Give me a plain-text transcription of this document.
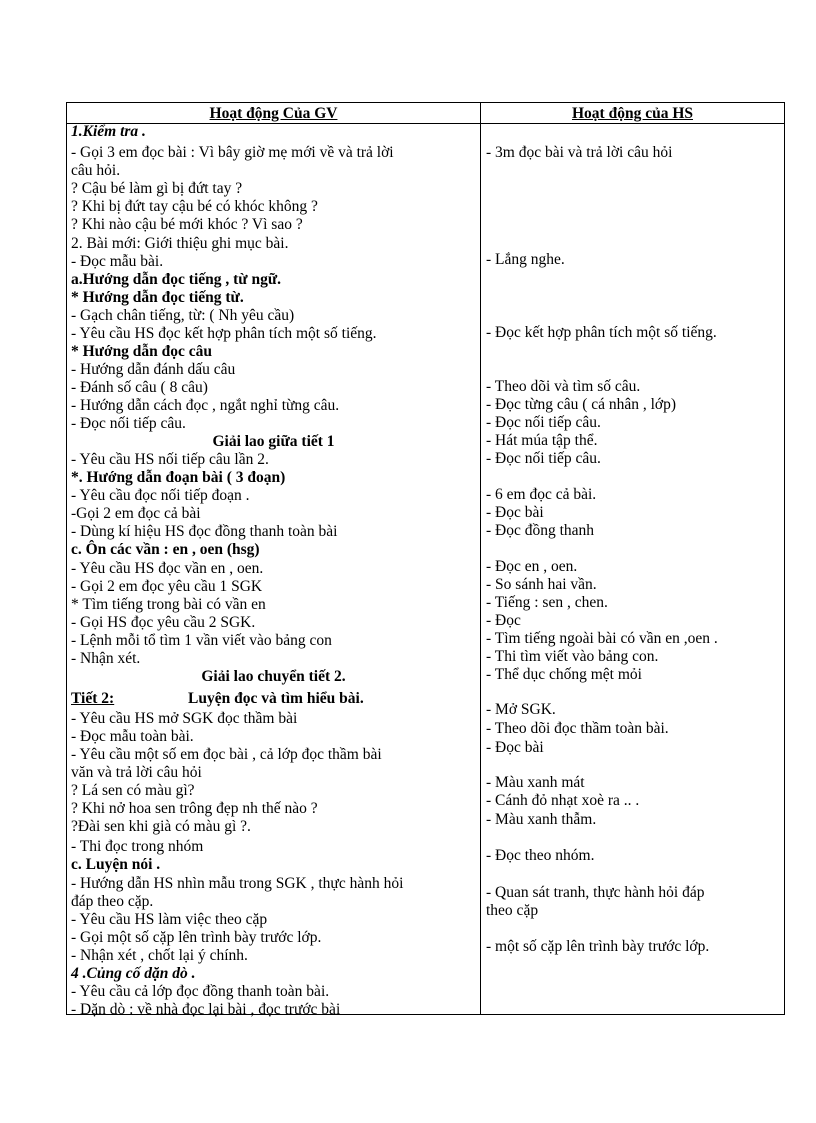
Hoạt động Của GV	Hoạt động của HS
1.Kiểm tra .
- Gọi 3 em đọc bài : Vì bây giờ mẹ mới về và trả lời
câu hỏi.
? Cậu bé làm gì bị đứt tay ?
? Khi bị đứt tay cậu bé có khóc không ?
? Khi nào cậu bé mới khóc ? Vì sao ?
2. Bài mới: Giới thiệu ghi mục bài.
- Đọc mẫu bài.
a.Hướng dẫn đọc tiếng , từ ngữ.
* Hướng dẫn đọc tiếng từ.
- Gạch chân tiếng, từ: ( Nh yêu cầu)
- Yêu cầu HS đọc kết hợp phân tích một số tiếng.
* Hướng dẫn đọc câu
- Hướng dẫn đánh dấu câu
- Đánh số câu ( 8 câu)
- Hướng dẫn cách đọc , ngắt nghỉ từng câu.
- Đọc nối tiếp câu.
Giải lao giữa tiết 1
- Yêu cầu HS nối tiếp câu lần 2.
*. Hướng dẫn đoạn bài ( 3 đoạn)
- Yêu cầu đọc nối tiếp đoạn .
-Gọi 2 em đọc cả bài
- Dùng kí hiệu HS đọc đồng thanh toàn bài
c. Ôn các vần : en , oen (hsg)
- Yêu cầu HS đọc vần en , oen.
- Gọi 2 em đọc yêu cầu 1 SGK
* Tìm tiếng trong bài có vần en
- Gọi HS đọc yêu cầu 2 SGK.
- Lệnh mỗi tổ tìm 1 vần viết vào bảng con
- Nhận xét.
Giải lao chuyển tiết 2.
Tiết 2:	Luyện đọc và tìm hiểu bài.
- Yêu cầu HS mở SGK đọc thầm bài
- Đọc mẫu toàn bài.
- Yêu cầu một số em đọc bài , cả lớp đọc thầm bài
văn và trả lời câu hỏi
? Lá sen có màu gì?
? Khi nở hoa sen trông đẹp nh thế nào ?
?Đài sen khi già có màu gì ?.
- Thi đọc trong nhóm
c. Luyện nói .
- Hướng dẫn HS nhìn mẫu trong SGK , thực hành hỏi
đáp theo cặp.
- Yêu cầu HS làm việc theo cặp
- Gọi một số cặp lên trình bày trước lớp.
- Nhận xét , chốt lại ý chính.
4 .Củng cố dặn dò .
- Yêu cầu cả lớp đọc đồng thanh toàn bài.
- Dặn dò : về nhà đọc lại bài , đọc trước bài
- 3m đọc bài và trả lời câu hỏi
- Lắng nghe.
- Đọc kết hợp phân tích một số tiếng.
- Theo dõi và tìm số câu.
- Đọc từng câu ( cá nhân , lớp)
- Đọc nối tiếp câu.
- Hát múa tập thể.
- Đọc nối tiếp câu.
- 6 em đọc cả bài.
- Đọc bài
- Đọc đồng thanh
- Đọc en , oen.
- So sánh hai vần.
- Tiếng : sen , chen.
- Đọc
- Tìm tiếng ngoài bài có vần en ,oen .
- Thi tìm viết vào bảng con.
- Thể dục chống mệt mỏi
- Mở SGK.
- Theo dõi đọc thầm toàn bài.
- Đọc bài
- Màu xanh mát
- Cánh đỏ nhạt xoè ra .. .
- Màu xanh thẫm.
- Đọc theo nhóm.
- Quan sát tranh, thực hành hỏi đáp
theo cặp
- một số cặp lên trình bày trước lớp.
